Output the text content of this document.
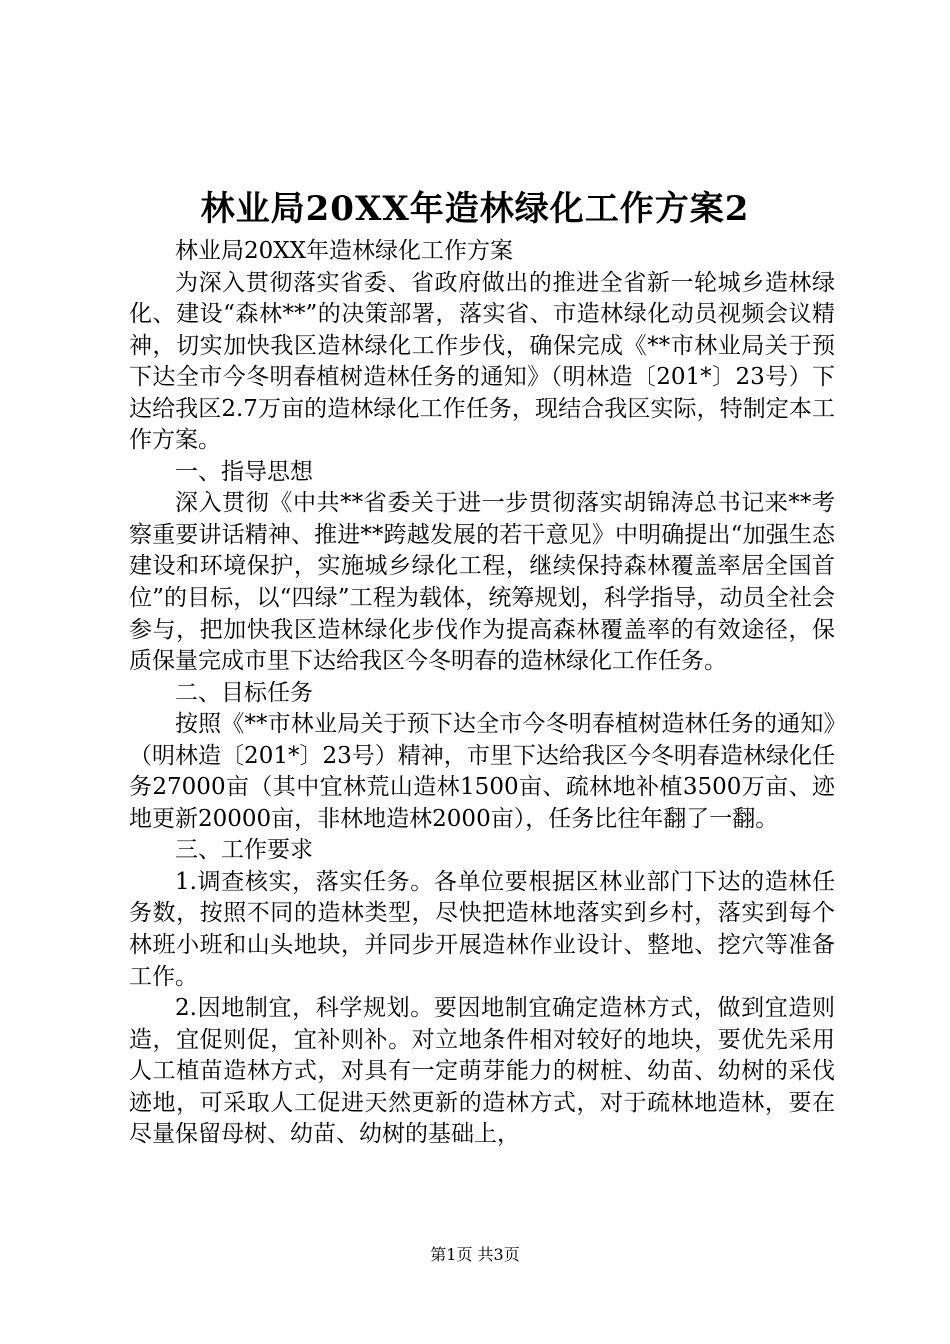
林业局20XX年造林绿化工作方案2

林业局20XX年造林绿化工作方案

为深入贯彻落实省委、省政府做出的推进全省新一轮城乡造林绿化、建设“森林**”的决策部署，落实省、市造林绿化动员视频会议精神，切实加快我区造林绿化工作步伐，确保完成《**市林业局关于预下达全市今冬明春植树造林任务的通知》（明林造〔201*〕23号）下达给我区2.7万亩的造林绿化工作任务，现结合我区实际，特制定本工作方案。

一、指导思想

深入贯彻《中共**省委关于进一步贯彻落实胡锦涛总书记来**考察重要讲话精神、推进**跨越发展的若干意见》中明确提出“加强生态建设和环境保护，实施城乡绿化工程，继续保持森林覆盖率居全国首位”的目标，以“四绿”工程为载体，统筹规划，科学指导，动员全社会参与，把加快我区造林绿化步伐作为提高森林覆盖率的有效途径，保质保量完成市里下达给我区今冬明春的造林绿化工作任务。

二、目标任务

按照《**市林业局关于预下达全市今冬明春植树造林任务的通知》（明林造〔201*〕23号）精神，市里下达给我区今冬明春造林绿化任务27000亩（其中宜林荒山造林1500亩、疏林地补植3500万亩、迹地更新20000亩，非林地造林2000亩），任务比往年翻了一翻。

三、工作要求

1.调查核实，落实任务。各单位要根据区林业部门下达的造林任务数，按照不同的造林类型，尽快把造林地落实到乡村，落实到每个林班小班和山头地块，并同步开展造林作业设计、整地、挖穴等准备工作。

2.因地制宜，科学规划。要因地制宜确定造林方式，做到宜造则造，宜促则促，宜补则补。对立地条件相对较好的地块，要优先采用人工植苗造林方式，对具有一定萌芽能力的树桩、幼苗、幼树的采伐迹地，可采取人工促进天然更新的造林方式，对于疏林地造林，要在尽量保留母树、幼苗、幼树的基础上，

第1页 共3页
